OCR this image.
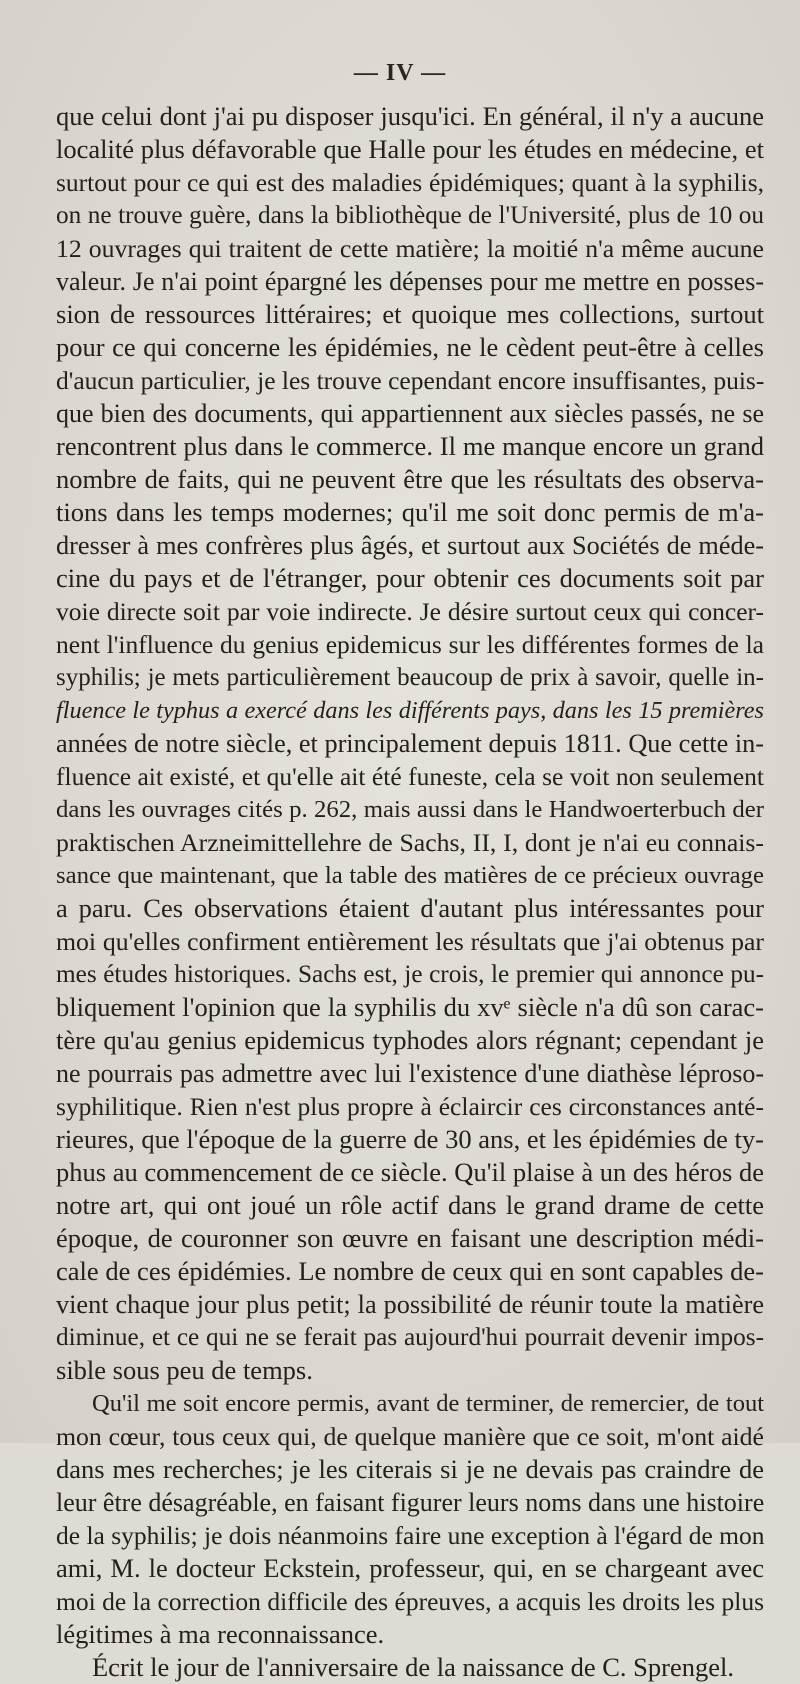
— IV —
que celui dont j'ai pu disposer jusqu'ici. En général, il n'y a aucune
localité plus défavorable que Halle pour les études en médecine, et
surtout pour ce qui est des maladies épidémiques; quant à la syphilis,
on ne trouve guère, dans la bibliothèque de l'Université, plus de 10 ou
12 ouvrages qui traitent de cette matière; la moitié n'a même aucune
valeur. Je n'ai point épargné les dépenses pour me mettre en posses-
sion de ressources littéraires; et quoique mes collections, surtout
pour ce qui concerne les épidémies, ne le cèdent peut-être à celles
d'aucun particulier, je les trouve cependant encore insuffisantes, puis-
que bien des documents, qui appartiennent aux siècles passés, ne se
rencontrent plus dans le commerce. Il me manque encore un grand
nombre de faits, qui ne peuvent être que les résultats des observa-
tions dans les temps modernes; qu'il me soit donc permis de m'a-
dresser à mes confrères plus âgés, et surtout aux Sociétés de méde-
cine du pays et de l'étranger, pour obtenir ces documents soit par
voie directe soit par voie indirecte. Je désire surtout ceux qui concer-
nent l'influence du genius epidemicus sur les différentes formes de la
syphilis; je mets particulièrement beaucoup de prix à savoir, quelle in-
fluence le typhus a exercé dans les différents pays, dans les 15 premières
années de notre siècle, et principalement depuis 1811. Que cette in-
fluence ait existé, et qu'elle ait été funeste, cela se voit non seulement
dans les ouvrages cités p. 262, mais aussi dans le Handwoerterbuch der
praktischen Arzneimittellehre de Sachs, II, I, dont je n'ai eu connais-
sance que maintenant, que la table des matières de ce précieux ouvrage
a paru. Ces observations étaient d'autant plus intéressantes pour
moi qu'elles confirment entièrement les résultats que j'ai obtenus par
mes études historiques. Sachs est, je crois, le premier qui annonce pu-
bliquement l'opinion que la syphilis du xvᵉ siècle n'a dû son carac-
tère qu'au genius epidemicus typhodes alors régnant; cependant je
ne pourrais pas admettre avec lui l'existence d'une diathèse léproso-
syphilitique. Rien n'est plus propre à éclaircir ces circonstances anté-
rieures, que l'époque de la guerre de 30 ans, et les épidémies de ty-
phus au commencement de ce siècle. Qu'il plaise à un des héros de
notre art, qui ont joué un rôle actif dans le grand drame de cette
époque, de couronner son œuvre en faisant une description médi-
cale de ces épidémies. Le nombre de ceux qui en sont capables de-
vient chaque jour plus petit; la possibilité de réunir toute la matière
diminue, et ce qui ne se ferait pas aujourd'hui pourrait devenir impos-
sible sous peu de temps.
Qu'il me soit encore permis, avant de terminer, de remercier, de tout
mon cœur, tous ceux qui, de quelque manière que ce soit, m'ont aidé
dans mes recherches; je les citerais si je ne devais pas craindre de
leur être désagréable, en faisant figurer leurs noms dans une histoire
de la syphilis; je dois néanmoins faire une exception à l'égard de mon
ami, M. le docteur Eckstein, professeur, qui, en se chargeant avec
moi de la correction difficile des épreuves, a acquis les droits les plus
légitimes à ma reconnaissance.
Écrit le jour de l'anniversaire de la naissance de C. Sprengel.
